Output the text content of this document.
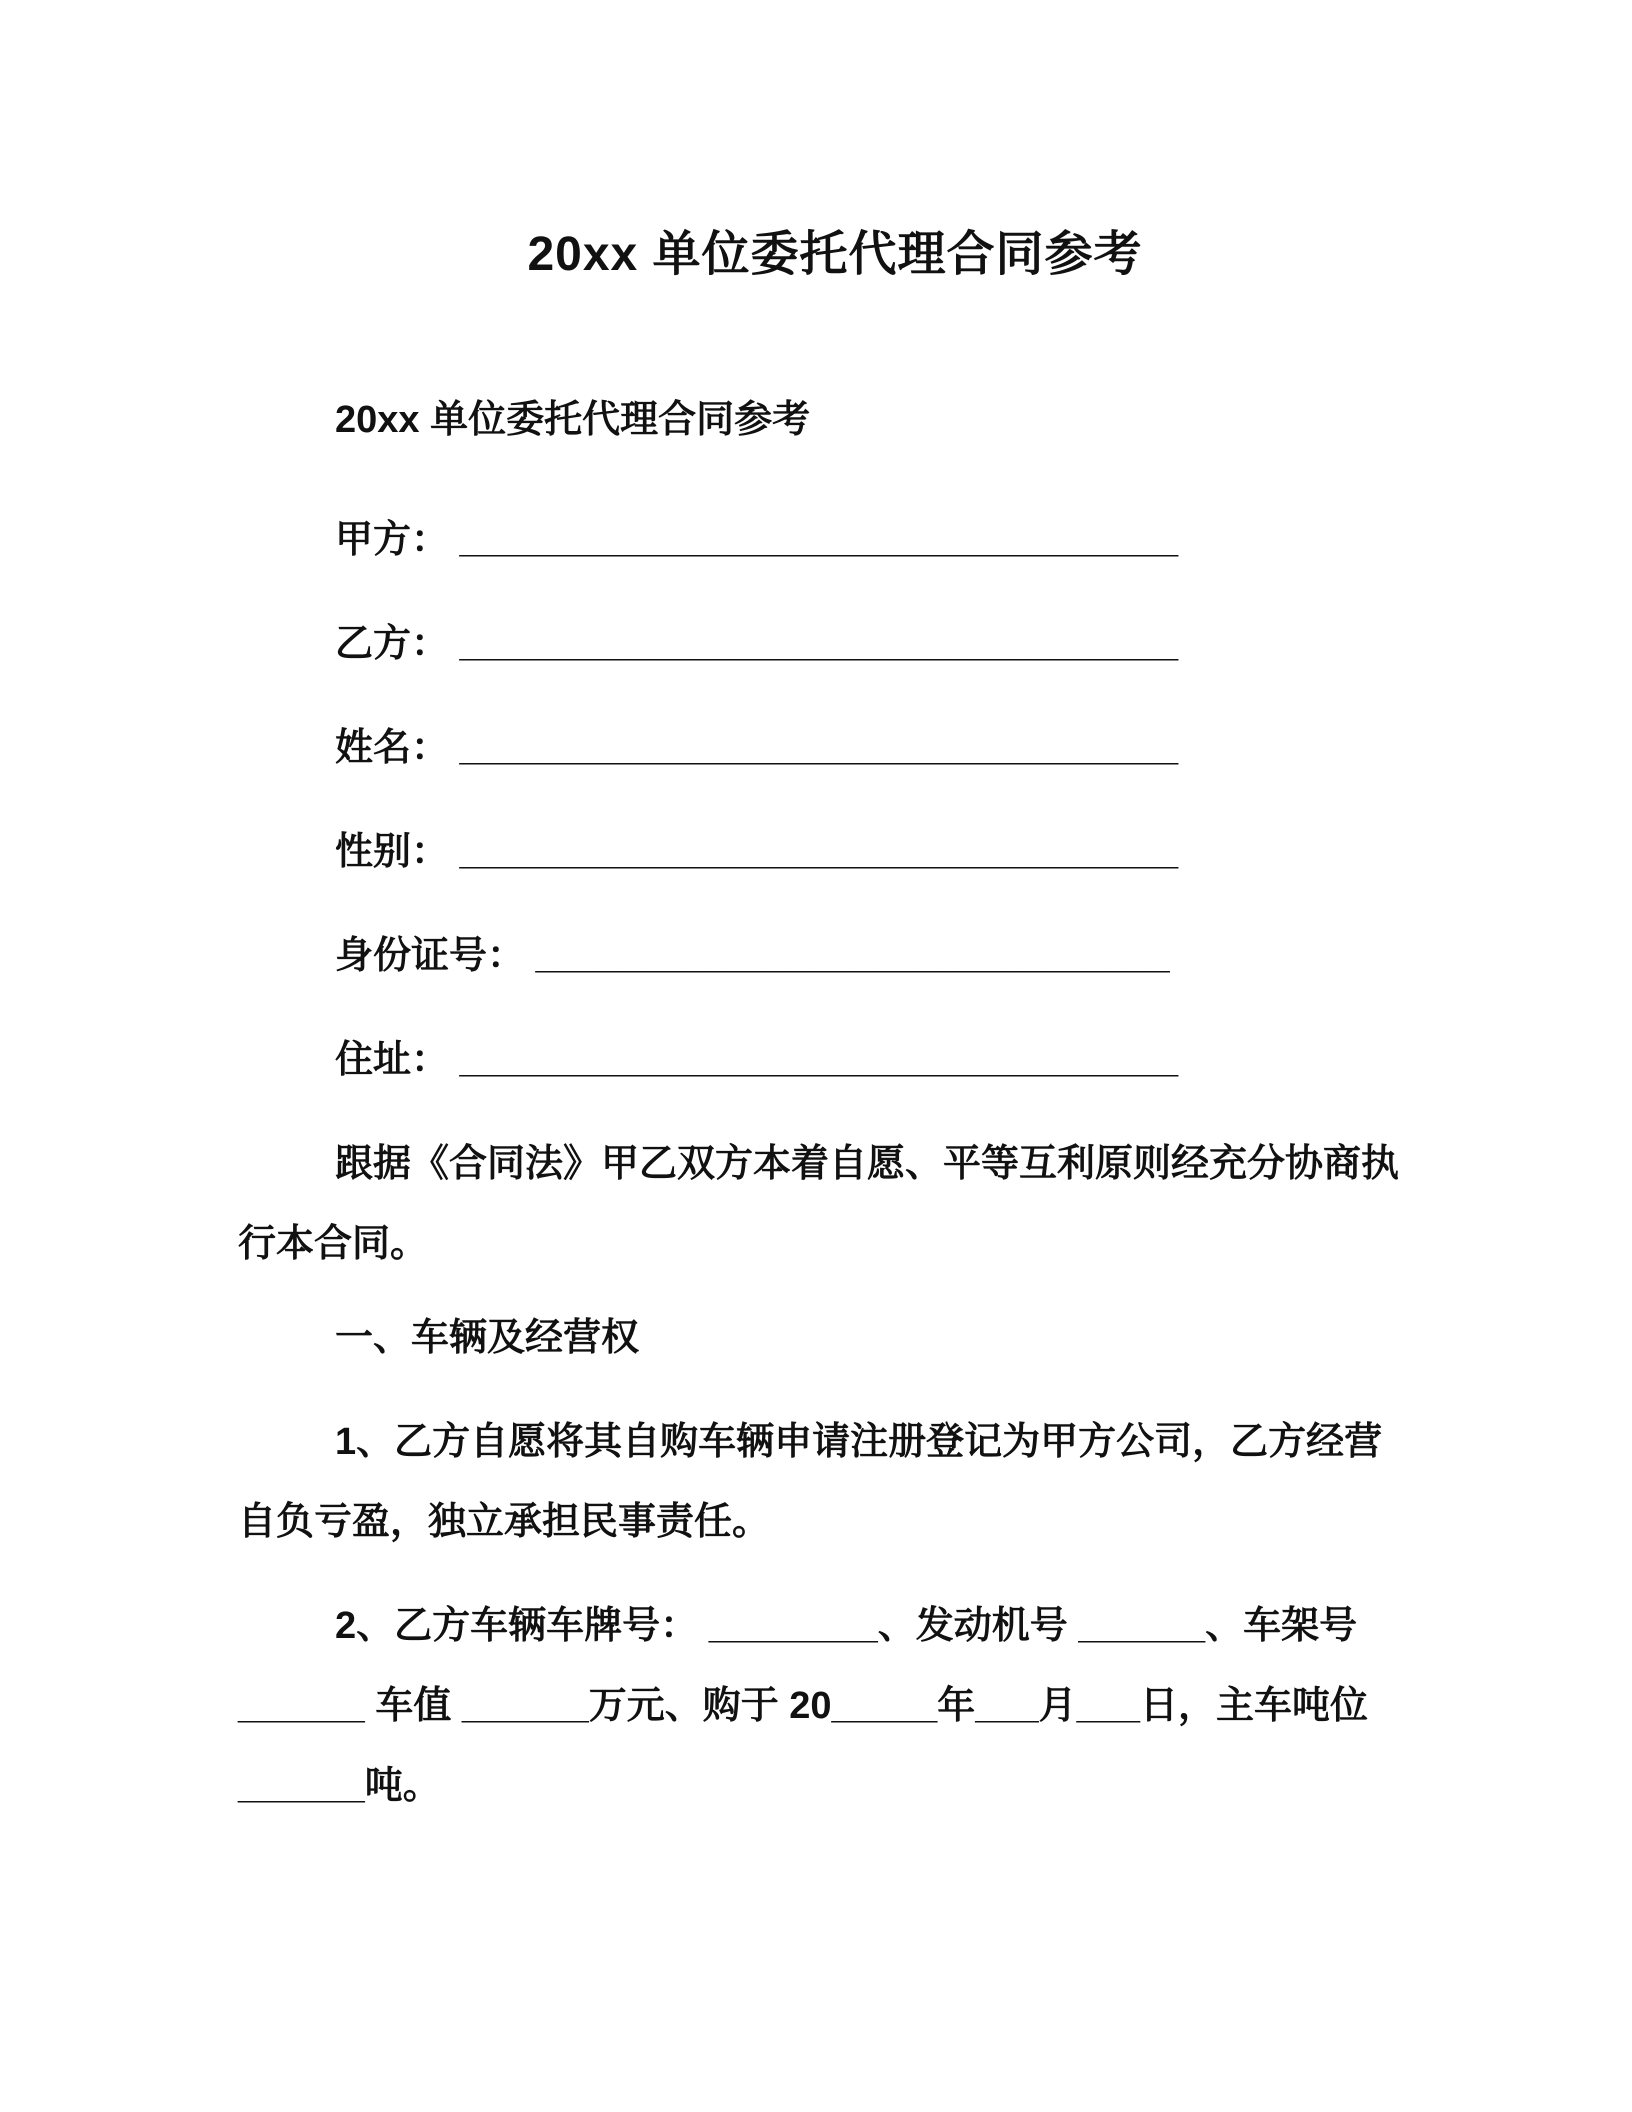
20xx 单位委托代理合同参考
20xx 单位委托代理合同参考
甲方： __________________________________
乙方： __________________________________
姓名： __________________________________
性别： __________________________________
身份证号： ______________________________
住址： __________________________________
跟据《合同法》甲乙双方本着自愿、平等互利原则经充分协商执
行本合同。
一、车辆及经营权
1、乙方自愿将其自购车辆申请注册登记为甲方公司，乙方经营
自负亏盈，独立承担民事责任。
2、乙方车辆车牌号： ________、发动机号 ______、车架号
______ 车值 ______万元、购于 20_____年___月___日，主车吨位
______吨。
